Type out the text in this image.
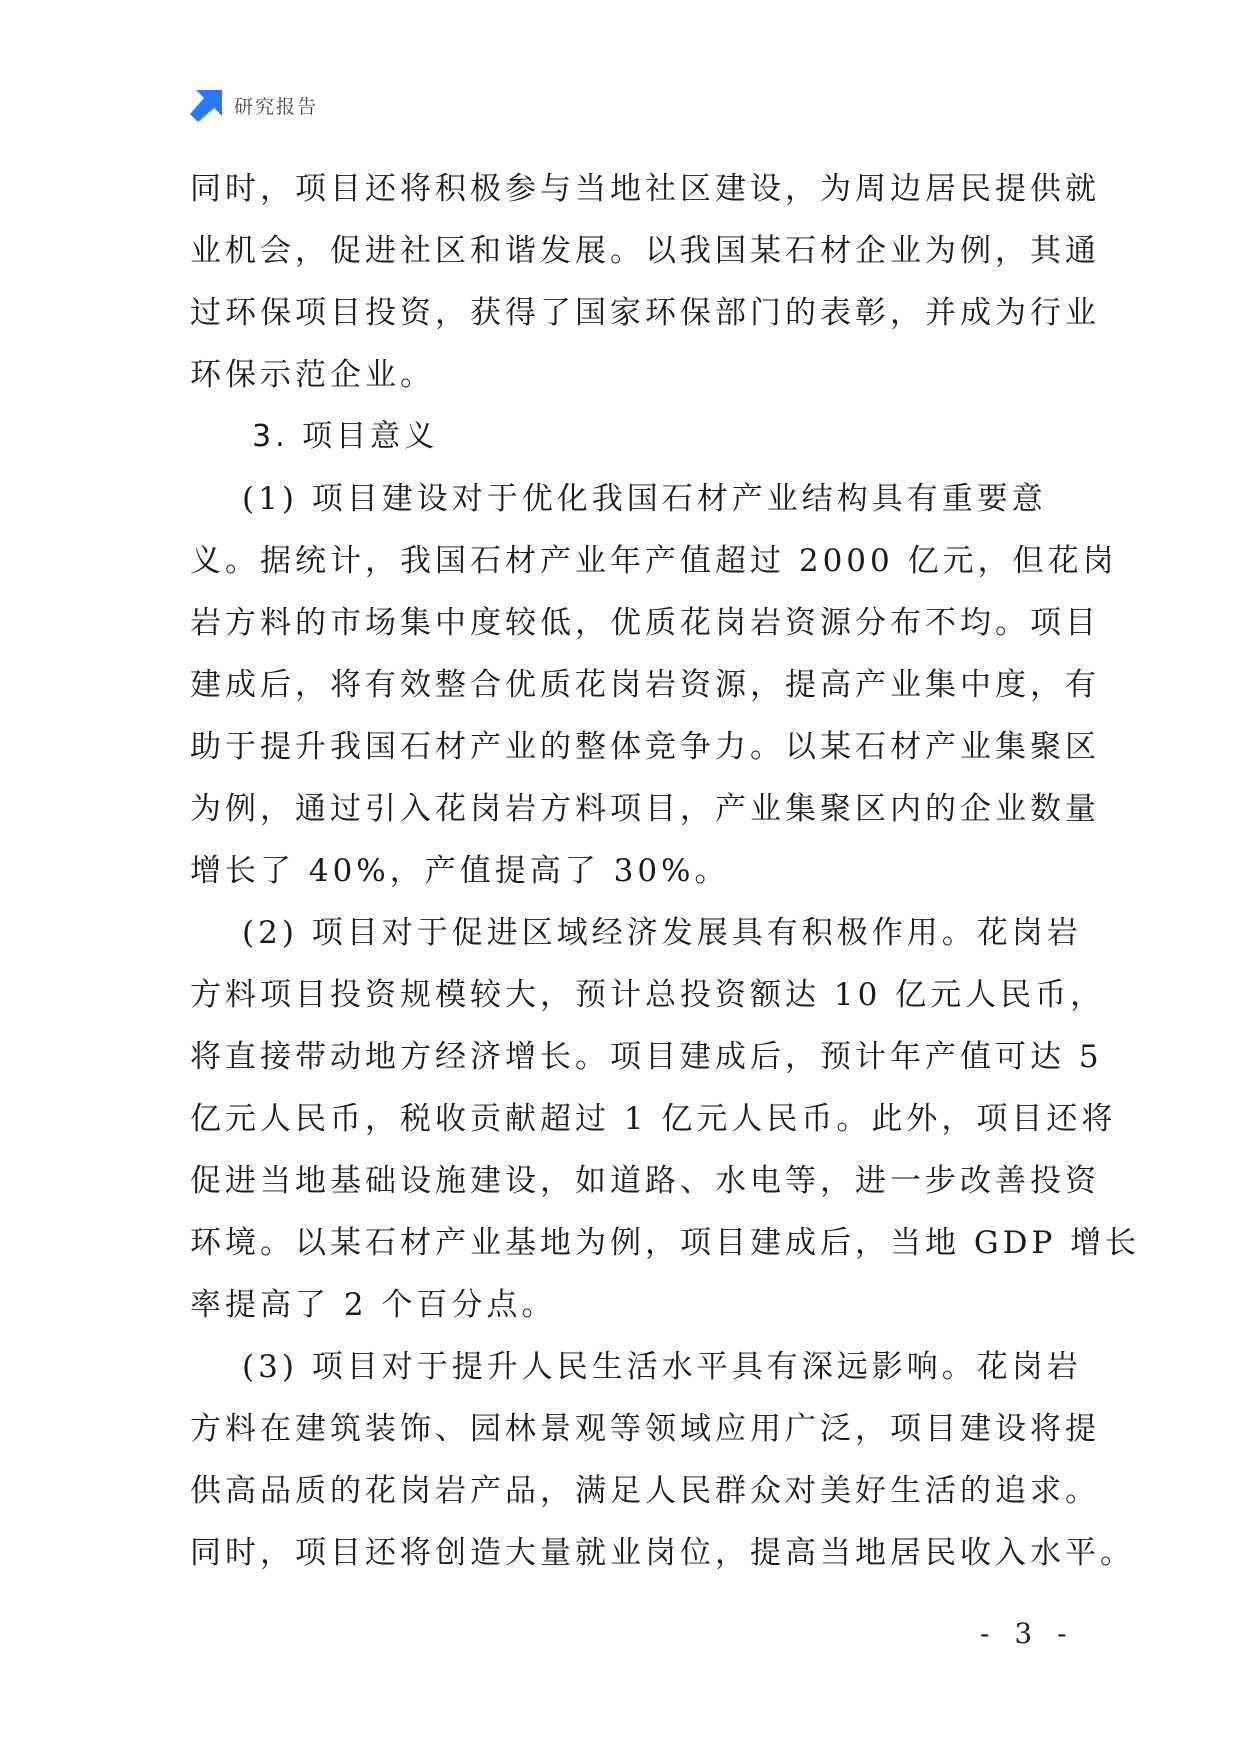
研究报告
同时，项目还将积极参与当地社区建设，为周边居民提供就
业机会，促进社区和谐发展。以我国某石材企业为例，其通
过环保项目投资，获得了国家环保部门的表彰，并成为行业
环保示范企业。
3. 项目意义
(1) 项目建设对于优化我国石材产业结构具有重要意
义。据统计，我国石材产业年产值超过 2000 亿元，但花岗
岩方料的市场集中度较低，优质花岗岩资源分布不均。项目
建成后，将有效整合优质花岗岩资源，提高产业集中度，有
助于提升我国石材产业的整体竞争力。以某石材产业集聚区
为例，通过引入花岗岩方料项目，产业集聚区内的企业数量
增长了 40%，产值提高了 30%。
(2) 项目对于促进区域经济发展具有积极作用。花岗岩
方料项目投资规模较大，预计总投资额达 10 亿元人民币，
将直接带动地方经济增长。项目建成后，预计年产值可达 5
亿元人民币，税收贡献超过 1 亿元人民币。此外，项目还将
促进当地基础设施建设，如道路、水电等，进一步改善投资
环境。以某石材产业基地为例，项目建成后，当地 GDP 增长
率提高了 2 个百分点。
(3) 项目对于提升人民生活水平具有深远影响。花岗岩
方料在建筑装饰、园林景观等领域应用广泛，项目建设将提
供高品质的花岗岩产品，满足人民群众对美好生活的追求。
同时，项目还将创造大量就业岗位，提高当地居民收入水平。
- 3 -
